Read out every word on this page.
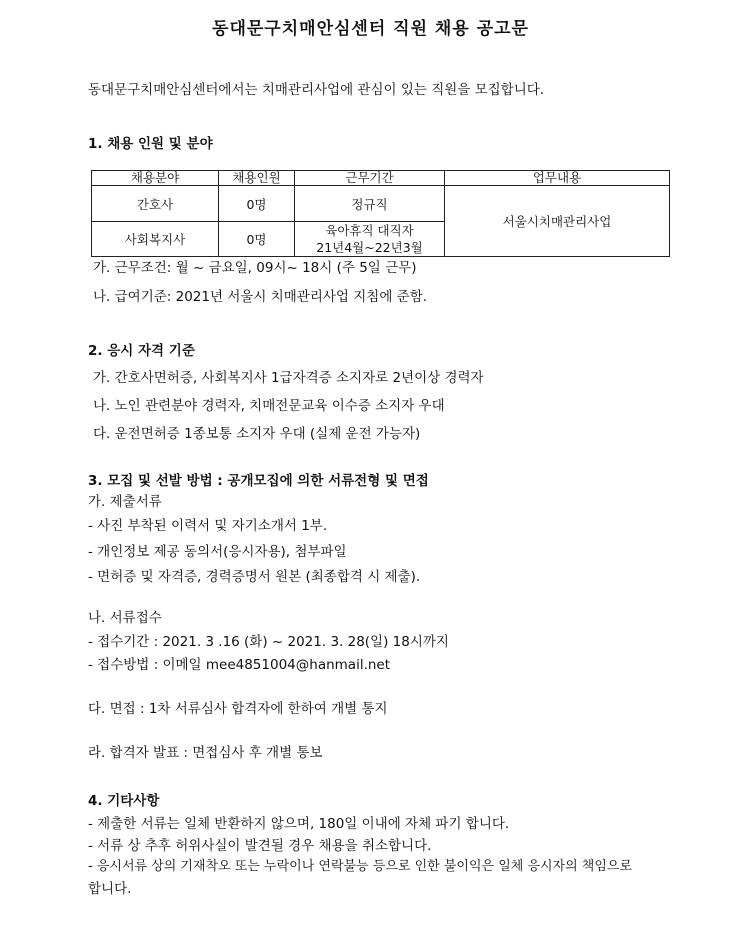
동대문구치매안심센터 직원 채용 공고문
동대문구치매안심센터에서는 치매관리사업에 관심이 있는 직원을 모집합니다.
1. 채용 인원 및 분야
채용분야	채용인원	근무기간	업무내용
간호사	0명	정규직	서울시치매관리사업
사회복지사	0명	육아휴직 대직자
21년4월~22년3월	
가. 근무조건: 월 ~ 금요일, 09시~ 18시 (주 5일 근무)
나. 급여기준: 2021년 서울시 치매관리사업 지침에 준함.
2. 응시 자격 기준
가. 간호사면허증, 사회복지사 1급자격증 소지자로 2년이상 경력자
나. 노인 관련분야 경력자, 치매전문교육 이수증 소지자 우대
다. 운전면허증 1종보통 소지자 우대 (실제 운전 가능자)
3. 모집 및 선발 방법 : 공개모집에 의한 서류전형 및 면접
가. 제출서류
- 사진 부착된 이력서 및 자기소개서 1부.
- 개인정보 제공 동의서(응시자용), 첨부파일
- 면허증 및 자격증, 경력증명서 원본 (최종합격 시 제출).
나. 서류접수
- 접수기간 : 2021. 3 .16 (화) ~ 2021. 3. 28(일) 18시까지
- 접수방법 : 이메일 mee4851004@hanmail.net
다. 면접 : 1차 서류심사 합격자에 한하여 개별 통지
라. 합격자 발표 : 면접심사 후 개별 통보
4. 기타사항
- 제출한 서류는 일체 반환하지 않으며, 180일 이내에 자체 파기 합니다.
- 서류 상 추후 허위사실이 발견될 경우 채용을 취소합니다.
- 응시서류 상의 기재착오 또는 누락이나 연락불능 등으로 인한 불이익은 일체 응시자의 책임으로
합니다.
